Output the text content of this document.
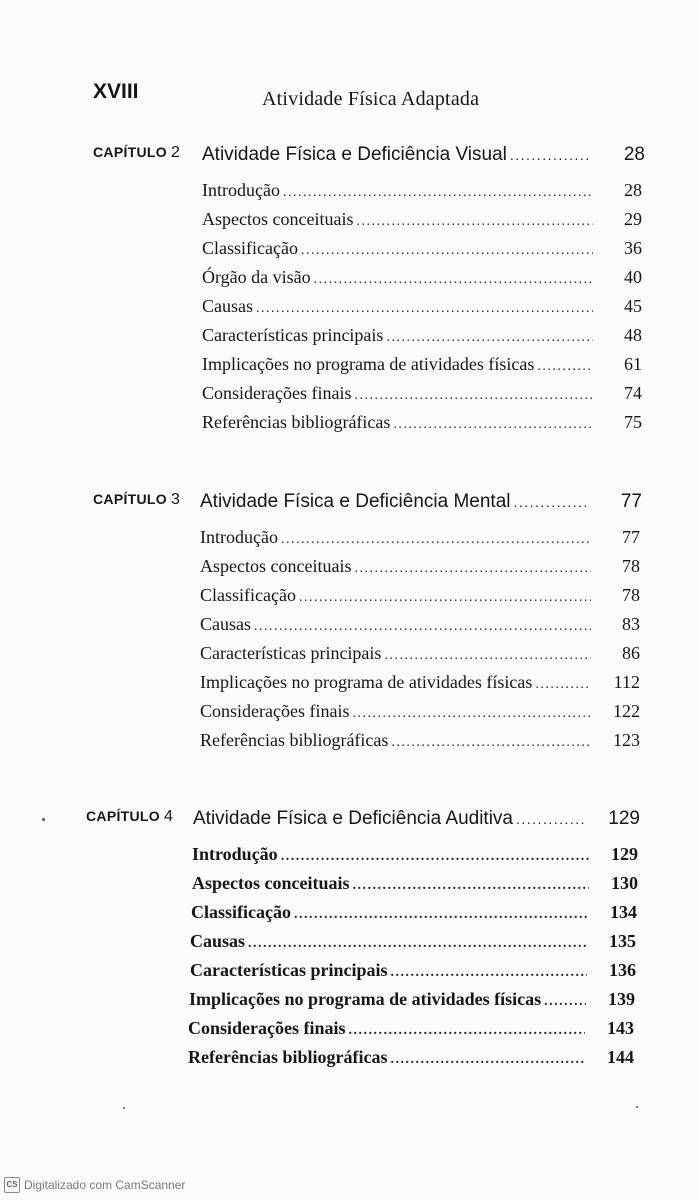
XVIII	Atividade Física Adaptada
CAPÍTULO 2 Atividade Física e Deficiência Visual .....	28
Introdução .....	28
Aspectos conceituais .....	29
Classificação .....	36
Órgão da visão .....	40
Causas .....	45
Características principais .....	48
Implicações no programa de atividades físicas .....	61
Considerações finais .....	74
Referências bibliográficas .....	75
CAPÍTULO 3 Atividade Física e Deficiência Mental .....	77
Introdução .....	77
Aspectos conceituais .....	78
Classificação .....	78
Causas .....	83
Características principais .....	86
Implicações no programa de atividades físicas .....	112
Considerações finais .....	122
Referências bibliográficas .....	123
CAPÍTULO 4 Atividade Física e Deficiência Auditiva .....	129
Introdução .....	129
Aspectos conceituais .....	130
Classificação .....	134
Causas .....	135
Características principais .....	136
Implicações no programa de atividades físicas .....	139
Considerações finais .....	143
Referências bibliográficas .....	144
CS Digitalizado com CamScanner
